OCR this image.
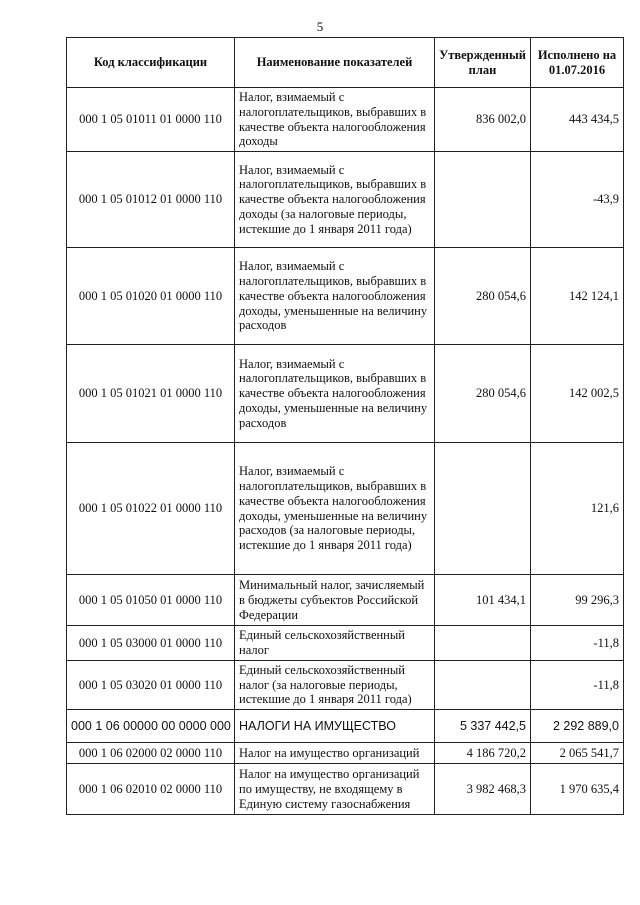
5
Код классификации	Наименование показателей	Утвержденный план	Исполнено на 01.07.2016
000 1 05 01011 01 0000 110	Налог, взимаемый с налогоплательщиков, выбравших в качестве объекта налогообложения доходы	836 002,0	443 434,5
000 1 05 01012 01 0000 110	Налог, взимаемый с налогоплательщиков, выбравших в качестве объекта налогообложения доходы (за налоговые периоды, истекшие до 1 января 2011 года)		-43,9
000 1 05 01020 01 0000 110	Налог, взимаемый с налогоплательщиков, выбравших в качестве объекта налогообложения доходы, уменьшенные на величину расходов	280 054,6	142 124,1
000 1 05 01021 01 0000 110	Налог, взимаемый с налогоплательщиков, выбравших в качестве объекта налогообложения доходы, уменьшенные на величину расходов	280 054,6	142 002,5
000 1 05 01022 01 0000 110	Налог, взимаемый с налогоплательщиков, выбравших в качестве объекта налогообложения доходы, уменьшенные на величину расходов (за налоговые периоды, истекшие до 1 января 2011 года)		121,6
000 1 05 01050 01 0000 110	Минимальный налог, зачисляемый в бюджеты субъектов Российской Федерации	101 434,1	99 296,3
000 1 05 03000 01 0000 110	Единый сельскохозяйственный налог		-11,8
000 1 05 03020 01 0000 110	Единый сельскохозяйственный налог (за налоговые периоды, истекшие до 1 января 2011 года)		-11,8
000 1 06 00000 00 0000 000	НАЛОГИ НА ИМУЩЕСТВО	5 337 442,5	2 292 889,0
000 1 06 02000 02 0000 110	Налог на имущество организаций	4 186 720,2	2 065 541,7
000 1 06 02010 02 0000 110	Налог на имущество организаций по имуществу, не входящему в Единую систему газоснабжения	3 982 468,3	1 970 635,4
